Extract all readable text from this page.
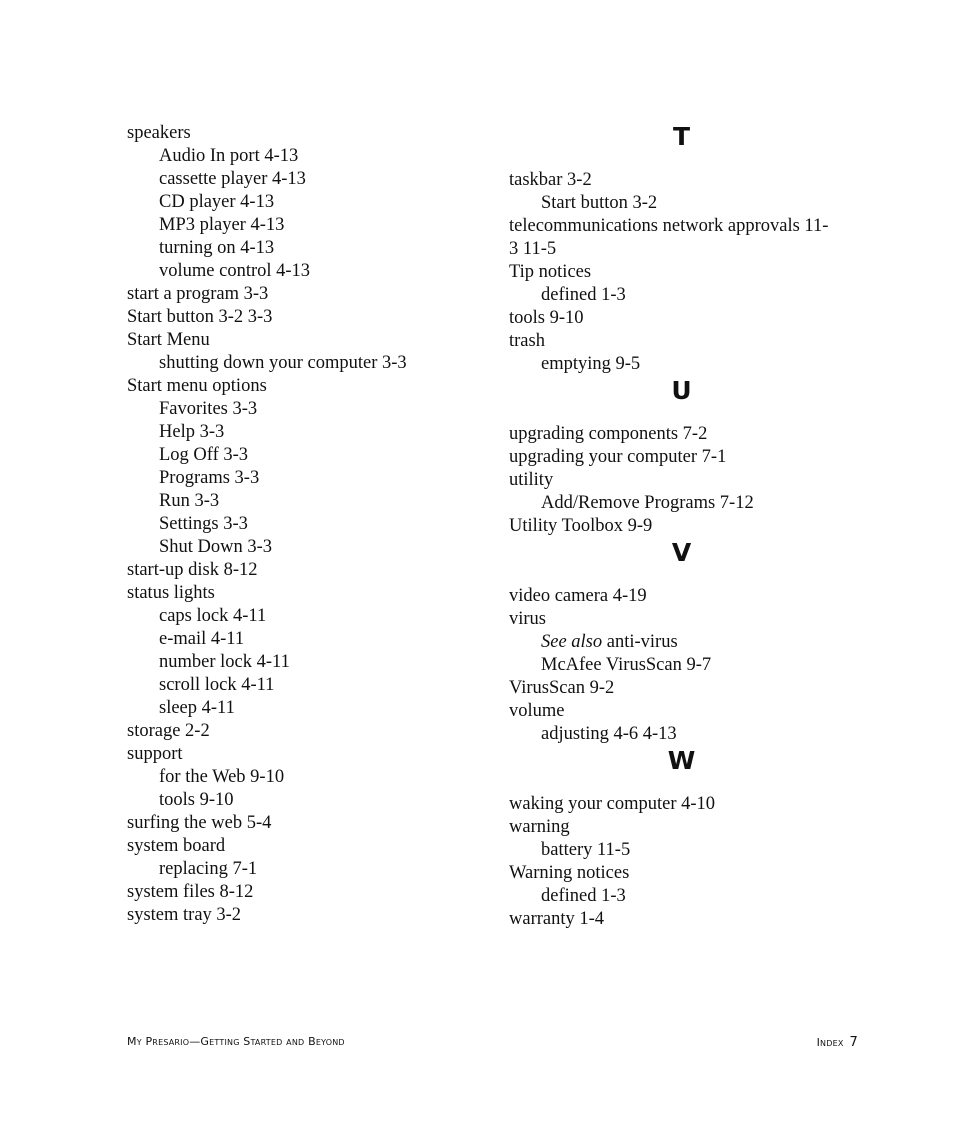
speakers
Audio In port 4-13
cassette player 4-13
CD player 4-13
MP3 player 4-13
turning on 4-13
volume control 4-13
start a program 3-3
Start button 3-2 3-3
Start Menu
shutting down your computer 3-3
Start menu options
Favorites 3-3
Help 3-3
Log Off 3-3
Programs 3-3
Run 3-3
Settings 3-3
Shut Down 3-3
start-up disk 8-12
status lights
caps lock 4-11
e-mail 4-11
number lock 4-11
scroll lock 4-11
sleep 4-11
storage 2-2
support
for the Web 9-10
tools 9-10
surfing the web 5-4
system board
replacing 7-1
system files 8-12
system tray 3-2
T
taskbar 3-2
Start button 3-2
telecommunications network approvals 11-
3 11-5
Tip notices
defined 1-3
tools 9-10
trash
emptying 9-5
U
upgrading components 7-2
upgrading your computer 7-1
utility
Add/Remove Programs 7-12
Utility Toolbox 9-9
V
video camera 4-19
virus
See also anti-virus
McAfee VirusScan 9-7
VirusScan 9-2
volume
adjusting 4-6 4-13
W
waking your computer 4-10
warning
battery 11-5
Warning notices
defined 1-3
warranty 1-4
My Presario—Getting Started and Beyond	Index 7
